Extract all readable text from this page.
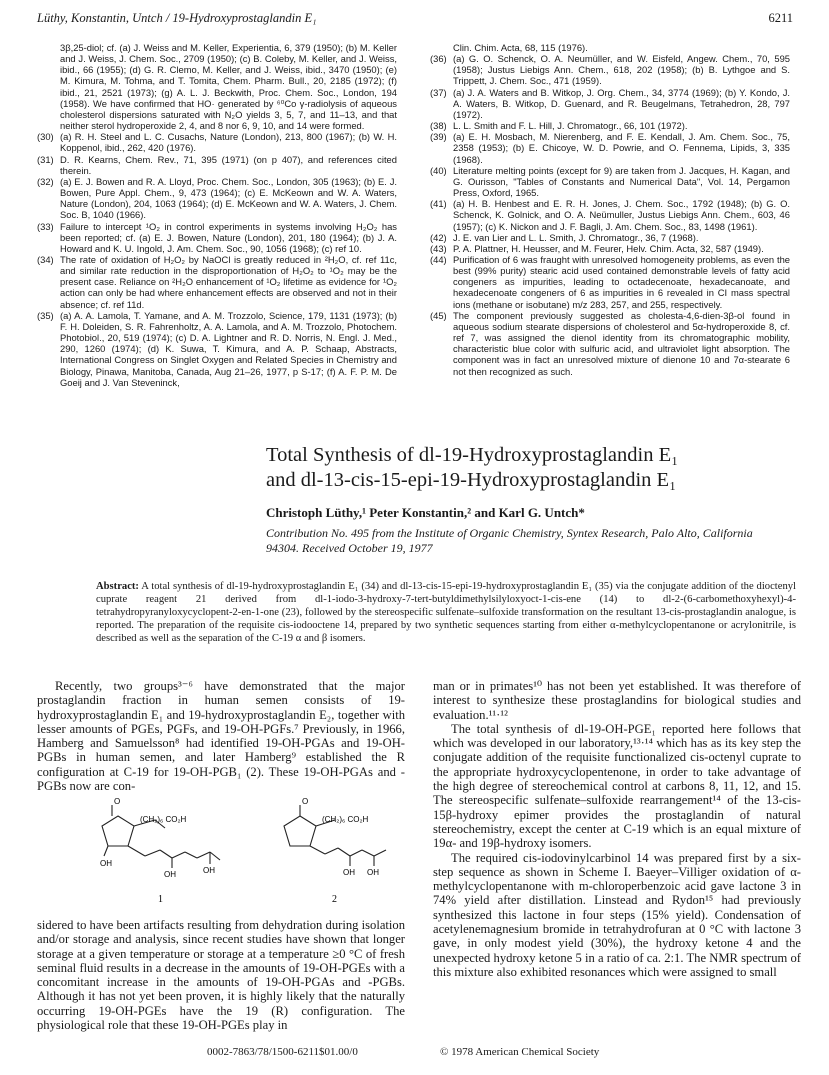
Lüthy, Konstantin, Untch / 19-Hydroxyprostaglandin E₁	6211
3β,25-diol; cf. (a) J. Weiss and M. Keller, Experientia, 6, 379 (1950); (b) M. Keller and J. Weiss, J. Chem. Soc., 2709 (1950); (c) B. Coleby, M. Keller, and J. Weiss, ibid., 66 (1955); (d) G. R. Clemo, M. Keller, and J. Weiss, ibid., 3470 (1950); (e) M. Kimura, M. Tohma, and T. Tomita, Chem. Pharm. Bull., 20, 2185 (1972); (f) ibid., 21, 2521 (1973); (g) A. L. J. Beckwith, Proc. Chem. Soc., London, 194 (1958). We have confirmed that HO· generated by ⁶⁰Co γ-radiolysis of aqueous cholesterol dispersions saturated with N₂O yields 3, 5, 7, and 11–13, and that neither sterol hydroperoxide 2, 4, and 8 nor 6, 9, 10, and 14 were formed.
(30) (a) R. H. Steel and L. C. Cusachs, Nature (London), 213, 800 (1967); (b) W. H. Koppenol, ibid., 262, 420 (1976).
(31) D. R. Kearns, Chem. Rev., 71, 395 (1971) (on p 407), and references cited therein.
(32) (a) E. J. Bowen and R. A. Lloyd, Proc. Chem. Soc., London, 305 (1963); (b) E. J. Bowen, Pure Appl. Chem., 9, 473 (1964); (c) E. McKeown and W. A. Waters, Nature (London), 204, 1063 (1964); (d) E. McKeown and W. A. Waters, J. Chem. Soc. B, 1040 (1966).
(33) Failure to intercept ¹O₂ in control experiments in systems involving H₂O₂ has been reported; cf. (a) E. J. Bowen, Nature (London), 201, 180 (1964); (b) J. A. Howard and K. U. Ingold, J. Am. Chem. Soc., 90, 1056 (1968); (c) ref 10.
(34) The rate of oxidation of H₂O₂ by NaOCl is greatly reduced in ²H₂O, cf. ref 11c, and similar rate reduction in the disproportionation of H₂O₂ to ¹O₂ may be the present case. Reliance on ²H₂O enhancement of ¹O₂ lifetime as evidence for ¹O₂ action can only be had where enhancement effects are observed and not in their absence; cf. ref 11d.
(35) (a) A. A. Lamola, T. Yamane, and A. M. Trozzolo, Science, 179, 1131 (1973); (b) F. H. Doleiden, S. R. Fahrenholtz, A. A. Lamola, and A. M. Trozzolo, Photochem. Photobiol., 20, 519 (1974); (c) D. A. Lightner and R. D. Norris, N. Engl. J. Med., 290, 1260 (1974); (d) K. Suwa, T. Kimura, and A. P. Schaap, Abstracts, International Congress on Singlet Oxygen and Related Species in Chemistry and Biology, Pinawa, Manitoba, Canada, Aug 21–26, 1977, p S-17; (f) A. F. P. M. De Goeij and J. Van Steveninck,
Clin. Chim. Acta, 68, 115 (1976).
(36) (a) G. O. Schenck, O. A. Neumüller, and W. Eisfeld, Angew. Chem., 70, 595 (1958); Justus Liebigs Ann. Chem., 618, 202 (1958); (b) B. Lythgoe and S. Trippett, J. Chem. Soc., 471 (1959).
(37) (a) J. A. Waters and B. Witkop, J. Org. Chem., 34, 3774 (1969); (b) Y. Kondo, J. A. Waters, B. Witkop, D. Guenard, and R. Beugelmans, Tetrahedron, 28, 797 (1972).
(38) L. L. Smith and F. L. Hill, J. Chromatogr., 66, 101 (1972).
(39) (a) E. H. Mosbach, M. Nierenberg, and F. E. Kendall, J. Am. Chem. Soc., 75, 2358 (1953); (b) E. Chicoye, W. D. Powrie, and O. Fennema, Lipids, 3, 335 (1968).
(40) Literature melting points (except for 9) are taken from J. Jacques, H. Kagan, and G. Ourisson, "Tables of Constants and Numerical Data", Vol. 14, Pergamon Press, Oxford, 1965.
(41) (a) H. B. Henbest and E. R. H. Jones, J. Chem. Soc., 1792 (1948); (b) G. O. Schenck, K. Golnick, and O. A. Neümuller, Justus Liebigs Ann. Chem., 603, 46 (1957); (c) K. Nickon and J. F. Bagli, J. Am. Chem. Soc., 83, 1498 (1961).
(42) J. E. van Lier and L. L. Smith, J. Chromatogr., 36, 7 (1968).
(43) P. A. Plattner, H. Heusser, and M. Feurer, Helv. Chim. Acta, 32, 587 (1949).
(44) Purification of 6 was fraught with unresolved homogeneity problems, as even the best (99% purity) stearic acid used contained demonstrable levels of fatty acid congeners as impurities, leading to octadecenoate, hexadecanoate, and hexadecenoate congeners of 6 as impurities in 6 revealed in CI mass spectral ions (methane or isobutane) m/z 283, 257, and 255, respectively.
(45) The component previously suggested as cholesta-4,6-dien-3β-ol found in aqueous sodium stearate dispersions of cholesterol and 5α-hydroperoxide 8, cf. ref 7, was assigned the dienol identity from its chromatographic mobility, characteristic blue color with sulfuric acid, and ultraviolet light absorption. The component was in fact an unresolved mixture of dienone 10 and 7α-stearate 6 not then recognized as such.
Total Synthesis of dl-19-Hydroxyprostaglandin E₁
and dl-13-cis-15-epi-19-Hydroxyprostaglandin E₁
Christoph Lüthy,¹ Peter Konstantin,² and Karl G. Untch*
Contribution No. 495 from the Institute of Organic Chemistry, Syntex Research, Palo Alto, California 94304. Received October 19, 1977
Abstract: A total synthesis of dl-19-hydroxyprostaglandin E₁ (34) and dl-13-cis-15-epi-19-hydroxyprostaglandin E₁ (35) via the conjugate addition of the dioctenyl cuprate reagent 21 derived from dl-1-iodo-3-hydroxy-7-tert-butyldimethylsilyloxyoct-1-cis-ene (14) to dl-2-(6-carbomethoxyhexyl)-4-tetrahydropyranyloxycyclopent-2-en-1-one (23), followed by the stereospecific sulfenate–sulfoxide transformation on the resultant 13-cis-prostaglandin analogue, is reported. The preparation of the requisite cis-iodooctene 14, prepared by two synthetic sequences starting from either α-methylcyclopentanone or acrylonitrile, is described as well as the separation of the C-19 α and β isomers.

Recently, two groups³⁻⁶ have demonstrated that the major prostaglandin fraction in human semen consists of 19-hydroxyprostaglandin E₁ and 19-hydroxyprostaglandin E₂, together with lesser amounts of PGEs, PGFs, and 19-OH-PGFs.⁷ Previously, in 1966, Hamberg and Samuelsson⁸ had identified 19-OH-PGAs and 19-OH-PGBs in human semen, and later Hamberg⁹ established the R configuration at C-19 for 19-OH-PGB₁ (2). These 19-OH-PGAs and -PGBs now are con-

O
(CH₂)₆ CO₂H
OH
OH	OH
1
O
(CH₂)₆ CO₂H
OH OH
2

sidered to have been artifacts resulting from dehydration during isolation and/or storage and analysis, since recent studies have shown that longer storage at a given temperature or storage at a temperature ≥0 °C of fresh seminal fluid results in a decrease in the amounts of 19-OH-PGEs with a concomitant increase in the amounts of 19-OH-PGAs and -PGBs. Although it has not yet been proven, it is highly likely that the naturally occurring 19-OH-PGEs have the 19 (R) configuration. The physiological role that these 19-OH-PGEs play in

man or in primates¹⁰ has not been yet established. It was therefore of interest to synthesize these prostaglandins for biological studies and evaluation.¹¹·¹²

The total synthesis of dl-19-OH-PGE₁ reported here follows that which was developed in our laboratory,¹³·¹⁴ which has as its key step the conjugate addition of the requisite functionalized cis-octenyl cuprate to the appropriate hydroxycyclopentenone, in order to take advantage of the high degree of stereochemical control at carbons 8, 11, 12, and 15. The stereospecific sulfenate–sulfoxide rearrangement¹⁴ of the 13-cis-15β-hydroxy epimer provides the prostaglandin of natural stereochemistry, except the center at C-19 which is an equal mixture of 19α- and 19β-hydroxy isomers.

The required cis-iodovinylcarbinol 14 was prepared first by a six-step sequence as shown in Scheme I. Baeyer–Villiger oxidation of α-methylcyclopentanone with m-chloroperbenzoic acid gave lactone 3 in 74% yield after distillation. Linstead and Rydon¹⁵ had previously synthesized this lactone in four steps (15% yield). Condensation of acetylenemagnesium bromide in tetrahydrofuran at 0 °C with lactone 3 gave, in only modest yield (30%), the hydroxy ketone 4 and the unexpected hydroxy ketone 5 in a ratio of ca. 2:1. The NMR spectrum of this mixture also exhibited resonances which were assigned to small

0002-7863/78/1500-6211$01.00/0	© 1978 American Chemical Society
